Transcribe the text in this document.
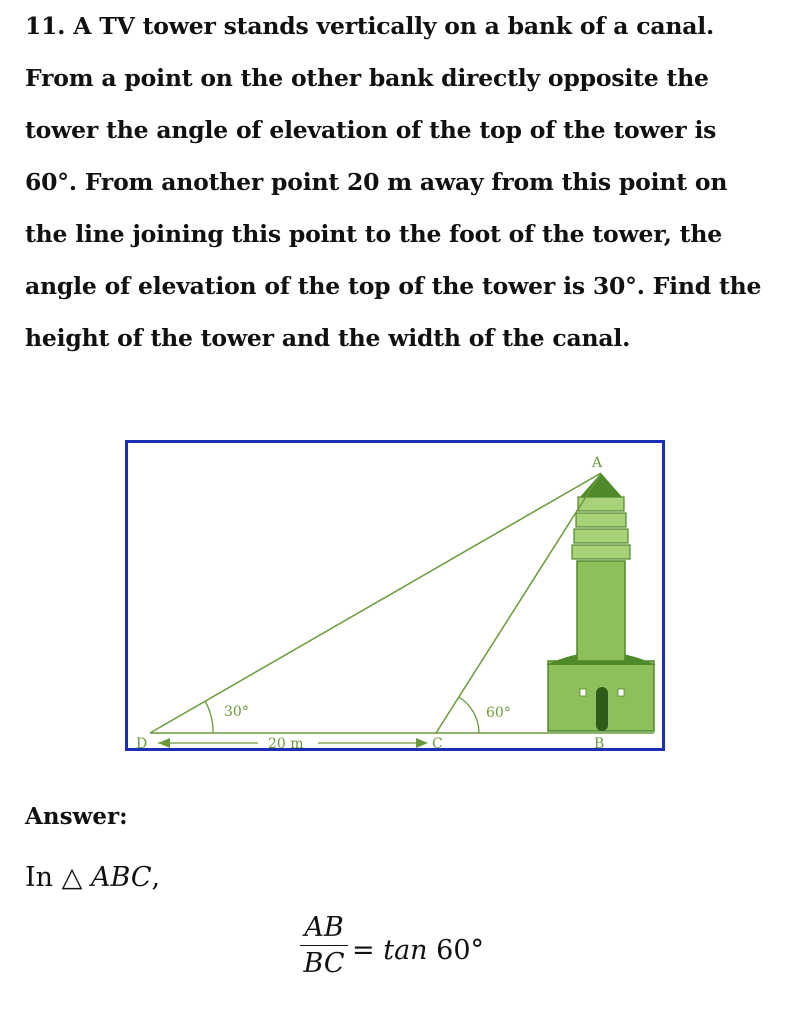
11. A TV tower stands vertically on a bank of a canal.
From a point on the other bank directly opposite the
tower the angle of elevation of the top of the tower is
60°. From another point 20 m away from this point on
the line joining this point to the foot of the tower, the
angle of elevation of the top of the tower is 30°. Find the
height of the tower and the width of the canal.
A
B
C
D
30°	60°
20 m
Answer:
In △ ABC,
$\frac{AB}{BC} = \tan 60^\circ$
